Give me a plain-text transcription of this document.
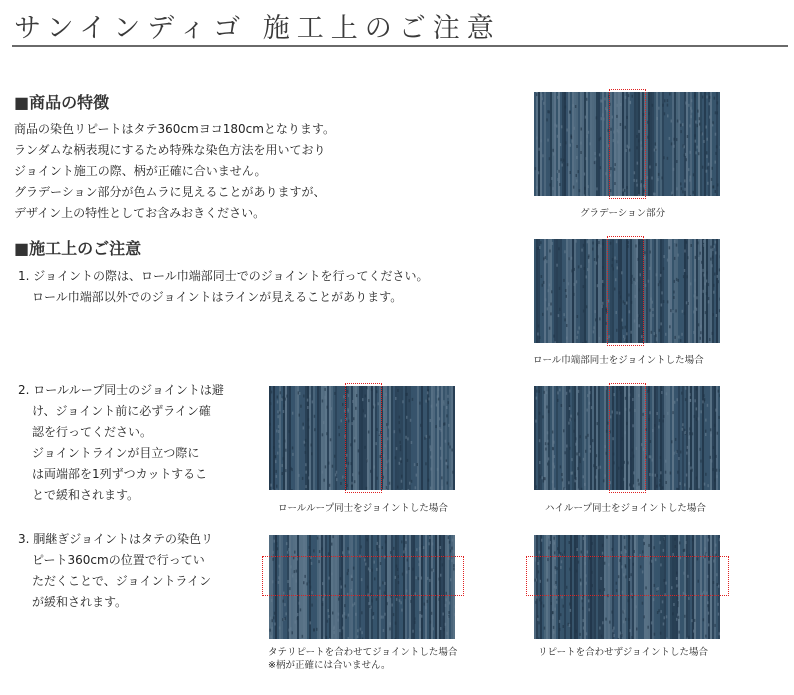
サンインディゴ 施工上のご注意
■商品の特徴
商品の染色リピートはタテ360cmヨコ180cmとなります。
ランダムな柄表現にするため特殊な染色方法を用いており
ジョイント施工の際、柄が正確に合いません。
グラデーション部分が色ムラに見えることがありますが、
デザイン上の特性としてお含みおきください。
■施工上のご注意
1. ジョイントの際は、ロール巾端部同士でのジョイントを行ってください。
ロール巾端部以外でのジョイントはラインが見えることがあります。
2. ロールループ同士のジョイントは避
け、ジョイント前に必ずライン確
認を行ってください。
ジョイントラインが目立つ際に
は両端部を1列ずつカットするこ
とで緩和されます。
3. 胴継ぎジョイントはタテの染色リ
ピート360cmの位置で行ってい
ただくことで、ジョイントライン
が緩和されます。
グラデーション部分
ロール巾端部同士をジョイントした場合
ロールループ同士をジョイントした場合	ハイループ同士をジョイントした場合
タテリピートを合わせてジョイントした場合
※柄が正確には合いません。
リピートを合わせずジョイントした場合
